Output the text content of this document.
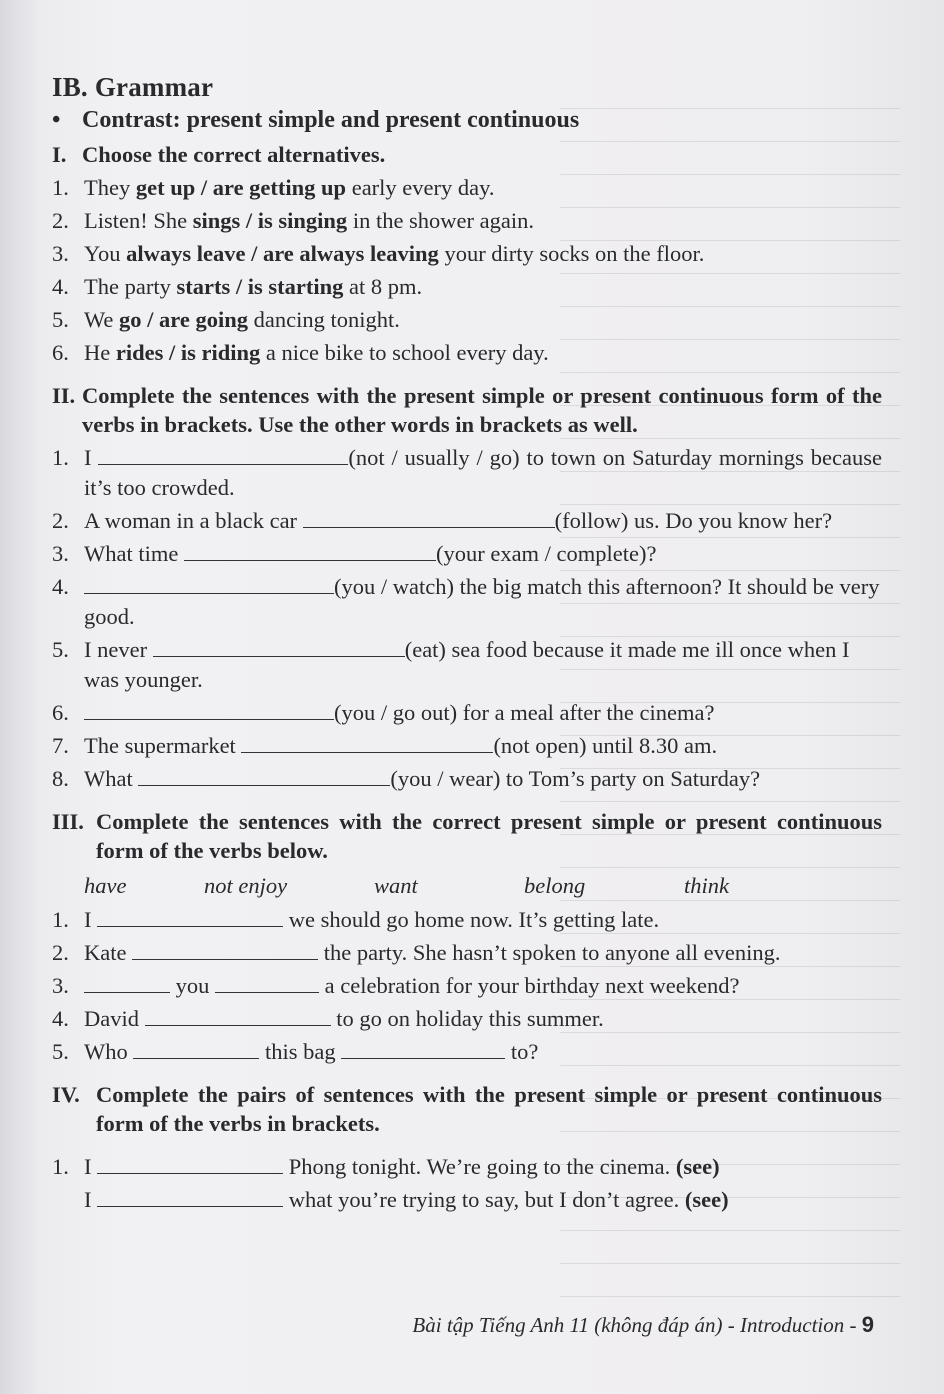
IB. Grammar
• Contrast: present simple and present continuous
I. Choose the correct alternatives.
1. They get up / are getting up early every day.
2. Listen! She sings / is singing in the shower again.
3. You always leave / are always leaving your dirty socks on the floor.
4. The party starts / is starting at 8 pm.
5. We go / are going dancing tonight.
6. He rides / is riding a nice bike to school every day.
II. Complete the sentences with the present simple or present continuous form of the verbs in brackets. Use the other words in brackets as well.
1. I	(not / usually / go) to town on Saturday mornings because it’s too crowded.
2. A woman in a black car	(follow) us. Do you know her?
3. What time	(your exam / complete)?
4.	(you / watch) the big match this afternoon? It should be very good.
5. I never	(eat) sea food because it made me ill once when I was younger.
6.	(you / go out) for a meal after the cinema?
7. The supermarket	(not open) until 8.30 am.
8. What	(you / wear) to Tom’s party on Saturday?
III. Complete the sentences with the correct present simple or present continuous form of the verbs below.
have	not enjoy	want	belong	think
1. I	we should go home now. It’s getting late.
2. Kate	the party. She hasn’t spoken to anyone all evening.
3.	you	a celebration for your birthday next weekend?
4. David	to go on holiday this summer.
5. Who	this bag	to?
IV. Complete the pairs of sentences with the present simple or present continuous form of the verbs in brackets.
1. I	Phong tonight. We’re going to the cinema. (see)
I	what you’re trying to say, but I don’t agree. (see)
Bài tập Tiếng Anh 11 (không đáp án) - Introduction - 9
